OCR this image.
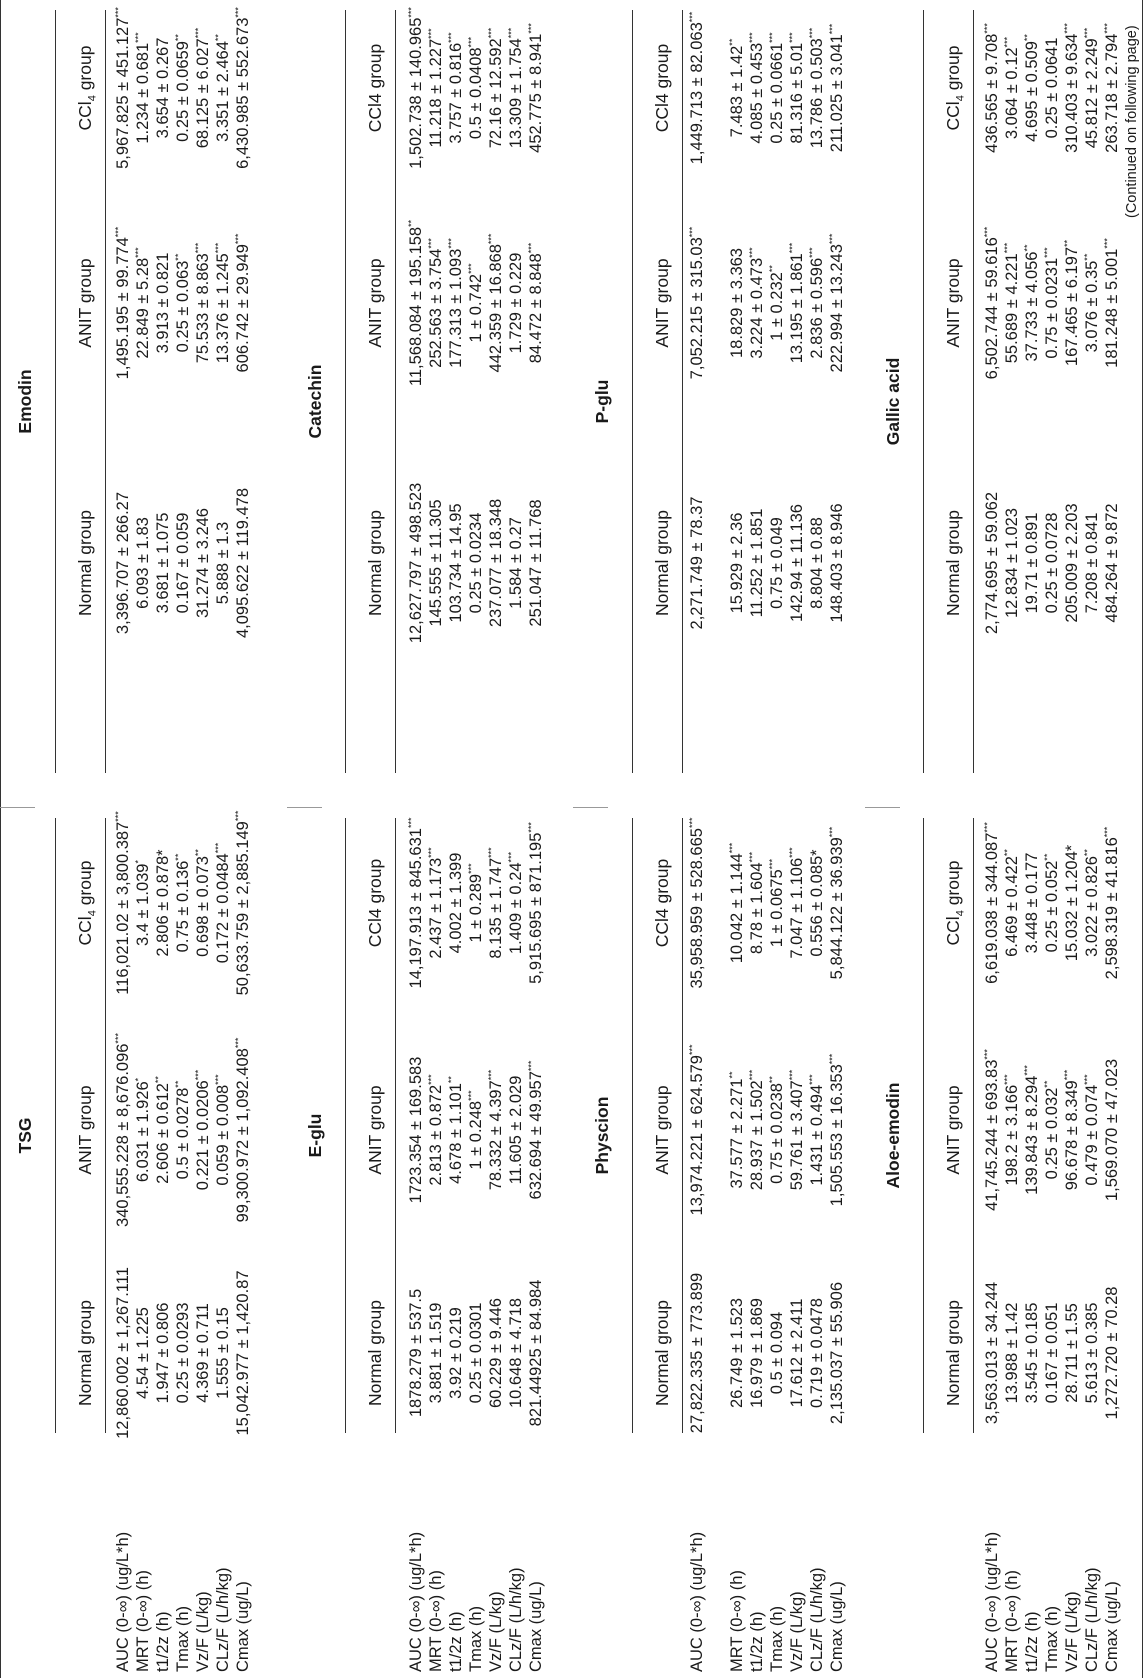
TSG
Normal group
ANIT group
CCl$_4$ group
AUC (0-∞) (ug/L*h)
12,860.002 ± 1,267.111
340,555.228 ± 8,676.096***
116,021.02 ± 3,800.387***
MRT (0-∞) (h)
4.54 ± 1.225
6.031 ± 1.926*
3.4 ± 1.039*
t1/2z (h)
1.947 ± 0.806
2.606 ± 0.612**
2.806 ± 0.878*
Tmax (h)
0.25 ± 0.0293
0.5 ± 0.0278**
0.75 ± 0.136**
Vz/F (L/kg)
4.369 ± 0.711
0.221 ± 0.0206***
0.698 ± 0.073**
CLz/F (L/h/kg)
1.555 ± 0.15
0.059 ± 0.008***
0.172 ± 0.0484***
Cmax (ug/L)
15,042.977 ± 1,420.87
99,300.972 ± 1,092.408***
50,633.759 ± 2,885.149***
Emodin
Normal group
ANIT group
CCl$_4$ group
3,396.707 ± 266.27
1,495.195 ± 99.774***
5,967.825 ± 451.127***
6.093 ± 1.83
22.849 ± 5.28***
1.234 ± 0.681***
3.681 ± 1.075
3.913 ± 0.821
3.654 ± 0.267
0.167 ± 0.059
0.25 ± 0.063**
0.25 ± 0.0659**
31.274 ± 3.246
75.533 ± 8.863***
68.125 ± 6.027***
5.888 ± 1.3
13.376 ± 1.245***
3.351 ± 2.464**
4,095.622 ± 119.478
606.742 ± 29.949***
6,430.985 ± 552.673***
E-glu
Normal group
ANIT group
CCl4 group
AUC (0-∞) (ug/L*h)
1878.279 ± 537.5
1723.354 ± 169.583
14,197.913 ± 845.631***
MRT (0-∞) (h)
3.881 ± 1.519
2.813 ± 0.872***
2.437 ± 1.173***
t1/2z (h)
3.92 ± 0.219
4.678 ± 1.101**
4.002 ± 1.399
Tmax (h)
0.25 ± 0.0301
1 ± 0.248***
1 ± 0.289***
Vz/F (L/kg)
60.229 ± 9.446
78.332 ± 4.397***
8.135 ± 1.747***
CLz/F (L/h/kg)
10.648 ± 4.718
11.605 ± 2.029
1.409 ± 0.24***
Cmax (ug/L)
821.44925 ± 84.984
632.694 ± 49.957***
5,915.695 ± 871.195***
Catechin
Normal group
ANIT group
CCl4 group
12,627.797 ± 498.523
11,568.084 ± 195.158**
1,502.738 ± 140.965***
145.555 ± 11.305
252.563 ± 3.754***
11.218 ± 1.227***
103.734 ± 14.95
177.313 ± 1.093***
3.757 ± 0.816***
0.25 ± 0.0234
1 ± 0.742***
0.5 ± 0.0408***
237.077 ± 18.348
442.359 ± 16.868***
72.16 ± 12.592***
1.584 ± 0.27
1.729 ± 0.229
13.309 ± 1.754***
251.047 ± 11.768
84.472 ± 8.848***
452.775 ± 8.941***
Physcion
Normal group
ANIT group
CCl4 group
AUC (0-∞) (ug/L*h)
27,822.335 ± 773.899
13,974.221 ± 624.579***
35,958.959 ± 528.665***
MRT (0-∞) (h)
26.749 ± 1.523
37.577 ± 2.271**
10.042 ± 1.144***
t1/2z (h)
16.979 ± 1.869
28.937 ± 1.502***
8.78 ± 1.604***
Tmax (h)
0.5 ± 0.094
0.75 ± 0.0238**
1 ± 0.0675***
Vz/F (L/kg)
17.612 ± 2.411
59.761 ± 3.407***
7.047 ± 1.106***
CLz/F (L/h/kg)
0.719 ± 0.0478
1.431 ± 0.494***
0.556 ± 0.085*
Cmax (ug/L)
2,135.037 ± 55.906
1,505.553 ± 16.353***
5,844.122 ± 36.939***
P-glu
Normal group
ANIT group
CCl4 group
2,271.749 ± 78.37
7,052.215 ± 315.03***
1,449.713 ± 82.063***
15.929 ± 2.36
18.829 ± 3.363
7.483 ± 1.42**
11.252 ± 1.851
3.224 ± 0.473***
4.085 ± 0.453***
0.75 ± 0.049
1 ± 0.232**
0.25 ± 0.0661***
142.94 ± 11.136
13.195 ± 1.861***
81.316 ± 5.01***
8.804 ± 0.88
2.836 ± 0.596***
13.786 ± 0.503***
148.403 ± 8.946
222.994 ± 13.243***
211.025 ± 3.041***
Aloe-emodin
Normal group
ANIT group
CCl$_4$ group
AUC (0-∞) (ug/L*h)
3,563.013 ± 34.244
41,745.244 ± 693.83***
6,619.038 ± 344.087***
MRT (0-∞) (h)
13.988 ± 1.42
198.2 ± 3.166***
6.469 ± 0.422**
t1/2z (h)
3.545 ± 0.185
139.843 ± 8.294***
3.448 ± 0.177
Tmax (h)
0.167 ± 0.051
0.25 ± 0.032**
0.25 ± 0.052**
Vz/F (L/kg)
28.711 ± 1.55
96.678 ± 8.349***
15.032 ± 1.204*
CLz/F (L/h/kg)
5.613 ± 0.385
0.479 ± 0.074***
3.022 ± 0.826**
Cmax (ug/L)
1,272.720 ± 70.28
1,569.070 ± 47.023
2,598.319 ± 41.816***
Gallic acid
Normal group
ANIT group
CCl$_4$ group
2,774.695 ± 59.062
6,502.744 ± 59.616***
436.565 ± 9.708***
12.834 ± 1.023
55.689 ± 4.221***
3.064 ± 0.12***
19.71 ± 0.891
37.733 ± 4.056**
4.695 ± 0.509**
0.25 ± 0.0728
0.75 ± 0.0231***
0.25 ± 0.0641
205.009 ± 2.203
167.465 ± 6.197**
310.403 ± 9.634***
7.208 ± 0.841
3.076 ± 0.35**
45.812 ± 2.249***
484.264 ± 9.872
181.248 ± 5.001***
263.718 ± 2.794*** (Continued on following page)
